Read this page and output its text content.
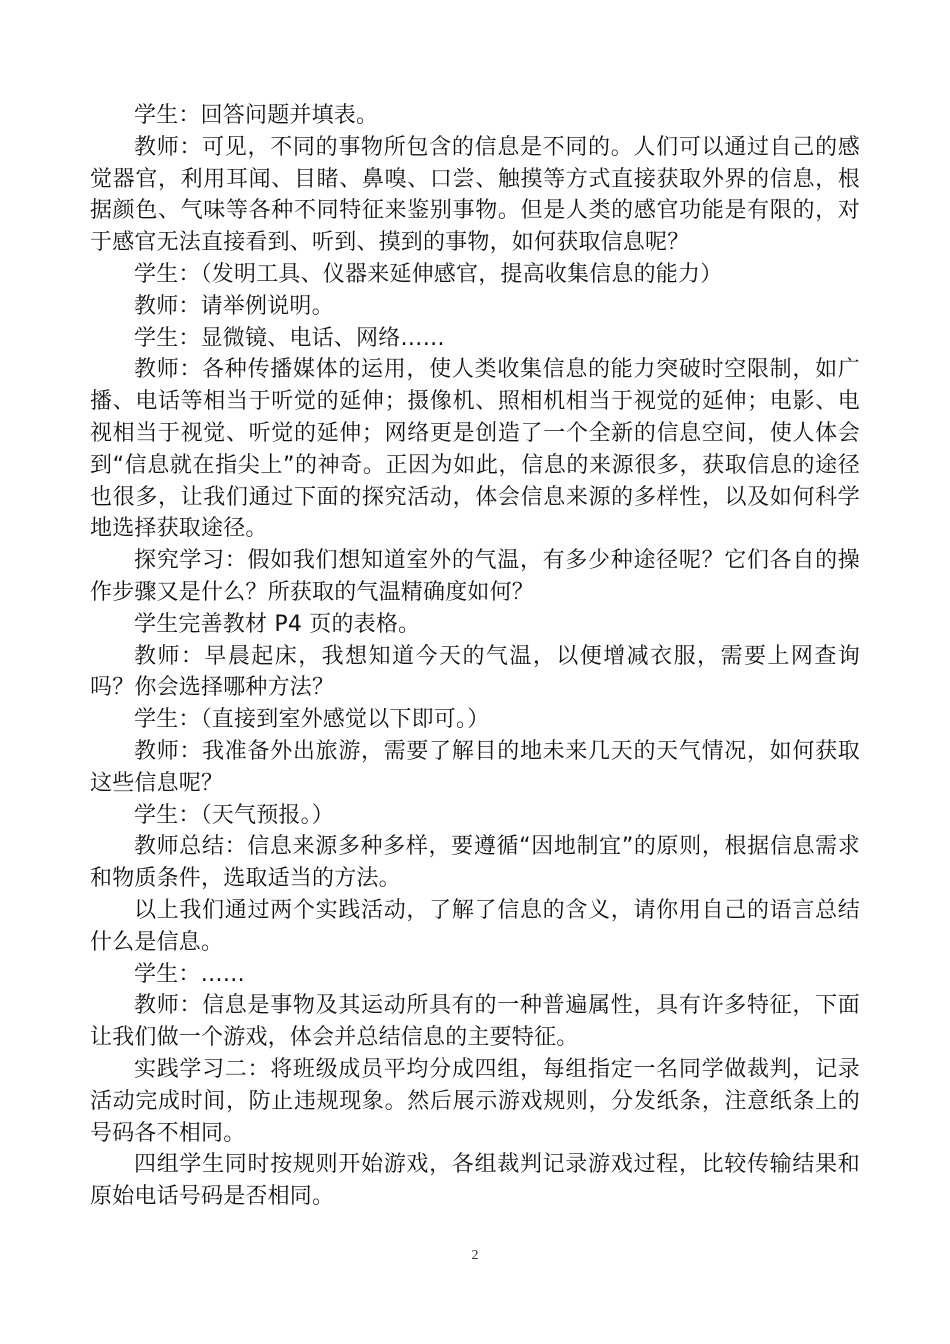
学生：回答问题并填表。

教师：可见，不同的事物所包含的信息是不同的。人们可以通过自己的感觉器官，利用耳闻、目睹、鼻嗅、口尝、触摸等方式直接获取外界的信息，根据颜色、气味等各种不同特征来鉴别事物。但是人类的感官功能是有限的，对于感官无法直接看到、听到、摸到的事物，如何获取信息呢？

学生：（发明工具、仪器来延伸感官，提高收集信息的能力）

教师：请举例说明。

学生：显微镜、电话、网络……

教师：各种传播媒体的运用，使人类收集信息的能力突破时空限制，如广播、电话等相当于听觉的延伸；摄像机、照相机相当于视觉的延伸；电影、电视相当于视觉、听觉的延伸；网络更是创造了一个全新的信息空间，使人体会到“信息就在指尖上”的神奇。正因为如此，信息的来源很多，获取信息的途径也很多，让我们通过下面的探究活动，体会信息来源的多样性，以及如何科学地选择获取途径。

探究学习：假如我们想知道室外的气温，有多少种途径呢？它们各自的操作步骤又是什么？所获取的气温精确度如何？

学生完善教材 P4 页的表格。

教师：早晨起床，我想知道今天的气温，以便增减衣服，需要上网查询吗？你会选择哪种方法？

学生：（直接到室外感觉以下即可。）

教师：我准备外出旅游，需要了解目的地未来几天的天气情况，如何获取这些信息呢？

学生：（天气预报。）

教师总结：信息来源多种多样，要遵循“因地制宜”的原则，根据信息需求和物质条件，选取适当的方法。

以上我们通过两个实践活动，了解了信息的含义，请你用自己的语言总结什么是信息。

学生：……

教师：信息是事物及其运动所具有的一种普遍属性，具有许多特征，下面让我们做一个游戏，体会并总结信息的主要特征。

实践学习二：将班级成员平均分成四组，每组指定一名同学做裁判，记录活动完成时间，防止违规现象。然后展示游戏规则，分发纸条，注意纸条上的号码各不相同。

四组学生同时按规则开始游戏，各组裁判记录游戏过程，比较传输结果和原始电话号码是否相同。

2
